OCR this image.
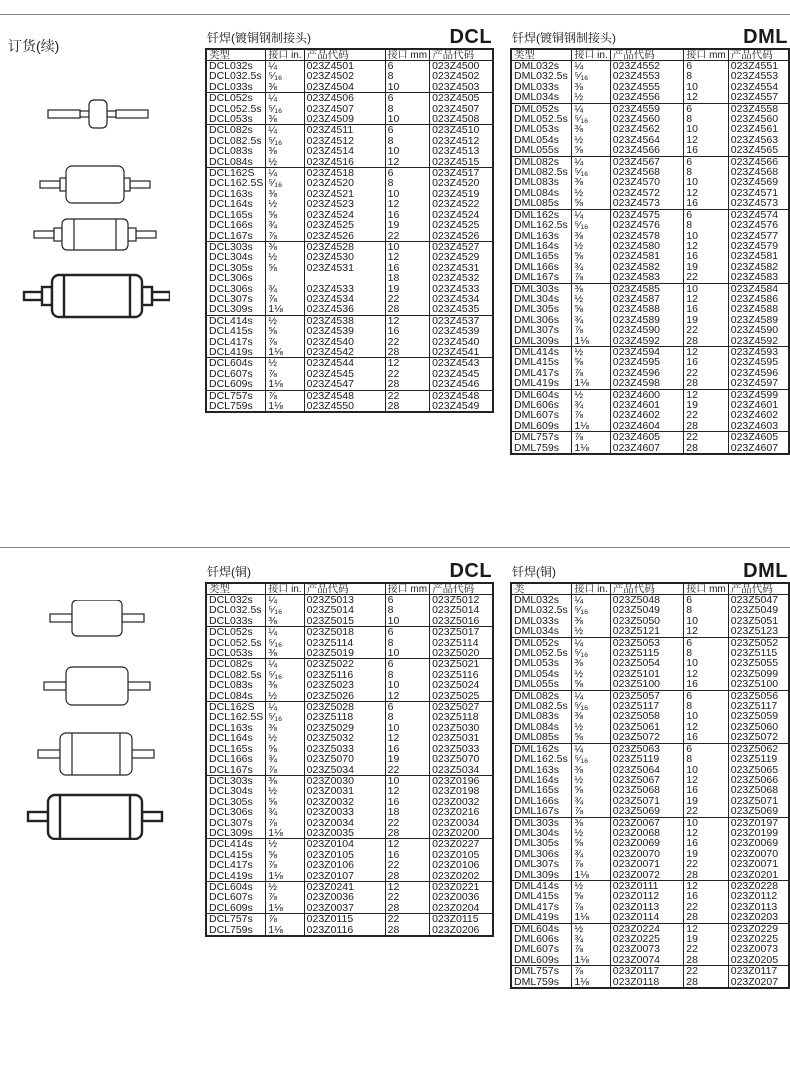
订货(续)	钎焊(镀铜钢制接头)	DCL
类型	接口 in.	产品代码	接口 mm	产品代码
DCL032s	¼	023Z4501	6	023Z4500
DCL032.5s	⁵⁄₁₆	023Z4502	8	023Z4502
DCL033s	⅜	023Z4504	10	023Z4503
DCL052s	¼	023Z4506	6	023Z4505
DCL052.5s	⁵⁄₁₆	023Z4507	8	023Z4507
DCL053s	⅜	023Z4509	10	023Z4508
DCL082s	¼	023Z4511	6	023Z4510
DCL082.5s	⁵⁄₁₆	023Z4512	8	023Z4512
DCL083s	⅜	023Z4514	10	023Z4513
DCL084s	½	023Z4516	12	023Z4515
DCL162S	¼	023Z4518	6	023Z4517
DCL162.5S	⁵⁄₁₆	023Z4520	8	023Z4520
DCL163s	⅜	023Z4521	10	023Z4519
DCL164s	½	023Z4523	12	023Z4522
DCL165s	⅝	023Z4524	16	023Z4524
DCL166s	¾	023Z4525	19	023Z4525
DCL167s	⅞	023Z4526	22	023Z4526
DCL303s	⅜	023Z4528	10	023Z4527
DCL304s	½	023Z4530	12	023Z4529
DCL305s	⅝	023Z4531	16	023Z4531
DCL306s			18	023Z4532
DCL306s	¾	023Z4533	19	023Z4533
DCL307s	⅞	023Z4534	22	023Z4534
DCL309s	1⅛	023Z4536	28	023Z4535
DCL414s	½	023Z4538	12	023Z4537
DCL415s	⅝	023Z4539	16	023Z4539
DCL417s	⅞	023Z4540	22	023Z4540
DCL419s	1⅛	023Z4542	28	023Z4541
DCL604s	½	023Z4544	12	023Z4543
DCL607s	⅞	023Z4545	22	023Z4545
DCL609s	1⅛	023Z4547	28	023Z4546
DCL757s	⅞	023Z4548	22	023Z4548
DCL759s	1⅛	023Z4550	28	023Z4549
钎焊(镀铜钢制接头)	DML
类型	接口 in.	产品代码	接口 mm	产品代码
DML032s	¼	023Z4552	6	023Z4551
DML032.5s	⁵⁄₁₆	023Z4553	8	023Z4553
DML033s	⅜	023Z4555	10	023Z4554
DML034s	½	023Z4556	12	023Z4557
DML052s	¼	023Z4559	6	023Z4558
DML052.5s	⁵⁄₁₆	023Z4560	8	023Z4560
DML053s	⅜	023Z4562	10	023Z4561
DML054s	½	023Z4564	12	023Z4563
DML055s	⅝	023Z4566	16	023Z4565
DML082s	¼	023Z4567	6	023Z4566
DML082.5s	⁵⁄₁₆	023Z4568	8	023Z4568
DML083s	⅜	023Z4570	10	023Z4569
DML084s	½	023Z4572	12	023Z4571
DML085s	⅝	023Z4573	16	023Z4573
DML162s	¼	023Z4575	6	023Z4574
DML162.5s	⁵⁄₁₆	023Z4576	8	023Z4576
DML163s	⅜	023Z4578	10	023Z4577
DML164s	½	023Z4580	12	023Z4579
DML165s	⅝	023Z4581	16	023Z4581
DML166s	¾	023Z4582	19	023Z4582
DML167s	⅞	023Z4583	22	023Z4583
DML303s	⅜	023Z4585	10	023Z4584
DML304s	½	023Z4587	12	023Z4586
DML305s	⅝	023Z4588	16	023Z4588
DML306s	¾	023Z4589	19	023Z4589
DML307s	⅞	023Z4590	22	023Z4590
DML309s	1⅛	023Z4592	28	023Z4592
DML414s	½	023Z4594	12	023Z4593
DML415s	⅝	023Z4595	16	023Z4595
DML417s	⅞	023Z4596	22	023Z4596
DML419s	1⅛	023Z4598	28	023Z4597
DML604s	½	023Z4600	12	023Z4599
DML606s	¾	023Z4601	19	023Z4601
DML607s	⅞	023Z4602	22	023Z4602
DML609s	1⅛	023Z4604	28	023Z4603
DML757s	⅞	023Z4605	22	023Z4605
DML759s	1⅛	023Z4607	28	023Z4607
钎焊(铜)	DCL
类型	接口 in.	产品代码	接口 mm	产品代码
DCL032s	¼	023Z5013	6	023Z5012
DCL032.5s	⁵⁄₁₆	023Z5014	8	023Z5014
DCL033s	⅜	023Z5015	10	023Z5016
DCL052s	¼	023Z5018	6	023Z5017
DCL052.5s	⁵⁄₁₆	023Z5114	8	023Z5114
DCL053s	⅜	023Z5019	10	023Z5020
DCL082s	¼	023Z5022	6	023Z5021
DCL082.5s	⁵⁄₁₆	023Z5116	8	023Z5116
DCL083s	⅜	023Z5023	10	023Z5024
DCL084s	½	023Z5026	12	023Z5025
DCL162S	¼	023Z5028	6	023Z5027
DCL162.5S	⁵⁄₁₆	023Z5118	8	023Z5118
DCL163s	⅜	023Z5029	10	023Z5030
DCL164s	½	023Z5032	12	023Z5031
DCL165s	⅝	023Z5033	16	023Z5033
DCL166s	¾	023Z5070	19	023Z5070
DCL167s	⅞	023Z5034	22	023Z5034
DCL303s	⅜	023Z0030	10	023Z0196
DCL304s	½	023Z0031	12	023Z0198
DCL305s	⅝	023Z0032	16	023Z0032
DCL306s	¾	023Z0033	18	023Z0216
DCL307s	⅞	023Z0034	22	023Z0034
DCL309s	1⅛	023Z0035	28	023Z0200
DCL414s	½	023Z0104	12	023Z0227
DCL415s	⅝	023Z0105	16	023Z0105
DCL417s	⅞	023Z0106	22	023Z0106
DCL419s	1⅛	023Z0107	28	023Z0202
DCL604s	½	023Z0241	12	023Z0221
DCL607s	⅞	023Z0036	22	023Z0036
DCL609s	1⅛	023Z0037	28	023Z0204
DCL757s	⅞	023Z0115	22	023Z0115
DCL759s	1⅛	023Z0116	28	023Z0206
钎焊(铜)	DML
类	接口 in.	产品代码	接口 mm	产品代码
DML032s	¼	023Z5048	6	023Z5047
DML032.5s	⁵⁄₁₆	023Z5049	8	023Z5049
DML033s	⅜	023Z5050	10	023Z5051
DML034s	½	023Z5121	12	023Z5123
DML052s	¼	023Z5053	6	023Z5052
DML052.5s	⁵⁄₁₆	023Z5115	8	023Z5115
DML053s	⅜	023Z5054	10	023Z5055
DML054s	½	023Z5101	12	023Z5099
DML055s	⅝	023Z5100	16	023Z5100
DML082s	¼	023Z5057	6	023Z5056
DML082.5s	⁵⁄₁₆	023Z5117	8	023Z5117
DML083s	⅜	023Z5058	10	023Z5059
DML084s	½	023Z5061	12	023Z5060
DML085s	⅝	023Z5072	16	023Z5072
DML162s	¼	023Z5063	6	023Z5062
DML162.5s	⁵⁄₁₆	023Z5119	8	023Z5119
DML163s	⅜	023Z5064	10	023Z5065
DML164s	½	023Z5067	12	023Z5066
DML165s	⅝	023Z5068	16	023Z5068
DML166s	¾	023Z5071	19	023Z5071
DML167s	⅞	023Z5069	22	023Z5069
DML303s	⅜	023Z0067	10	023Z0197
DML304s	½	023Z0068	12	023Z0199
DML305s	⅝	023Z0069	16	023Z0069
DML306s	¾	023Z0070	19	023Z0070
DML307s	⅞	023Z0071	22	023Z0071
DML309s	1⅛	023Z0072	28	023Z0201
DML414s	½	023Z0111	12	023Z0228
DML415s	⅝	023Z0112	16	023Z0112
DML417s	⅞	023Z0113	22	023Z0113
DML419s	1⅛	023Z0114	28	023Z0203
DML604s	½	023Z0224	12	023Z0229
DML606s	¾	023Z0225	19	023Z0225
DML607s	⅞	023Z0073	22	023Z0073
DML609s	1⅛	023Z0074	28	023Z0205
DML757s	⅞	023Z0117	22	023Z0117
DML759s	1⅛	023Z0118	28	023Z0207
